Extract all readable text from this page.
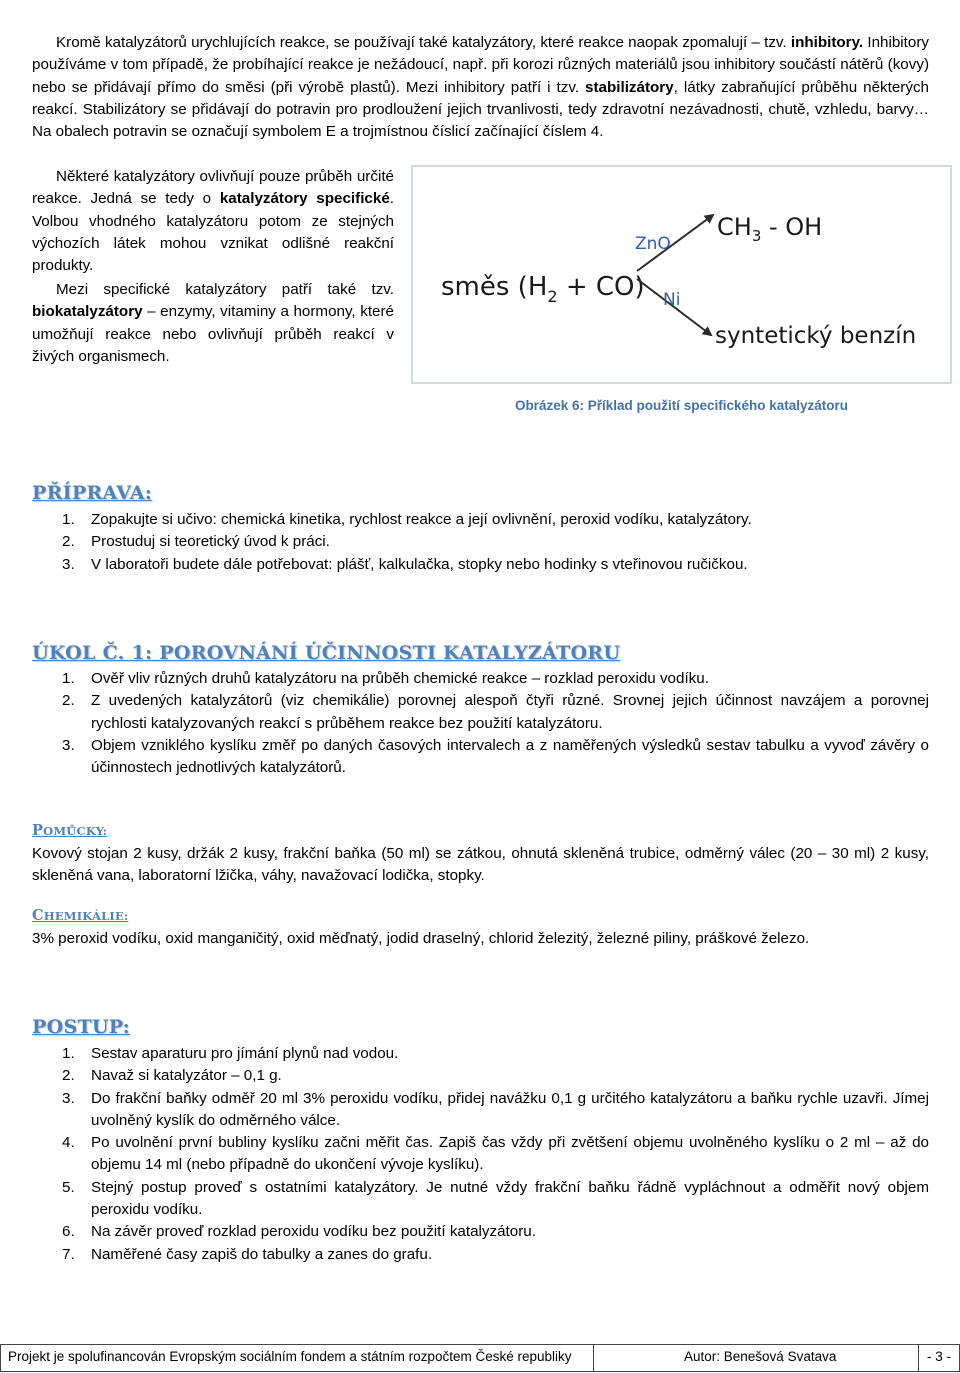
Kromě katalyzátorů urychlujících reakce, se používají také katalyzátory, které reakce naopak zpomalují – tzv. inhibitory. Inhibitory používáme v tom případě, že probíhající reakce je nežádoucí, např. při korozi různých materiálů jsou inhibitory součástí nátěrů (kovy) nebo se přidávají přímo do směsi (při výrobě plastů). Mezi inhibitory patří i tzv. stabilizátory, látky zabraňující průběhu některých reakcí. Stabilizátory se přidávají do potravin pro prodloužení jejich trvanlivosti, tedy zdravotní nezávadnosti, chutě, vzhledu, barvy… Na obalech potravin se označují symbolem E a trojmístnou číslicí začínající číslem 4.
Některé katalyzátory ovlivňují pouze průběh určité reakce. Jedná se tedy o katalyzátory specifické. Volbou vhodného katalyzátoru potom ze stejných výchozích látek mohou vznikat odlišné reakční produkty.
Mezi specifické katalyzátory patří také tzv. biokatalyzátory – enzymy, vitaminy a hormony, které umožňují reakce nebo ovlivňují průběh reakcí v živých organismech.
směs $(H_2 + CO)$
ZnO
Ni
$CH_3$ - OH
syntetický benzín
Obrázek 6: Příklad použití specifického katalyzátoru
PŘÍPRAVA:
1. Zopakujte si učivo: chemická kinetika, rychlost reakce a její ovlivnění, peroxid vodíku, katalyzátory.
2. Prostuduj si teoretický úvod k práci.
3. V laboratoři budete dále potřebovat: plášť, kalkulačka, stopky nebo hodinky s vteřinovou ručičkou.
ÚKOL Č. 1: POROVNÁNÍ ÚČINNOSTI KATALYZÁTORU
1. Ověř vliv různých druhů katalyzátoru na průběh chemické reakce – rozklad peroxidu vodíku.
2. Z uvedených katalyzátorů (viz chemikálie) porovnej alespoň čtyři různé. Srovnej jejich účinnost navzájem a porovnej rychlosti katalyzovaných reakcí s průběhem reakce bez použití katalyzátoru.
3. Objem vzniklého kyslíku změř po daných časových intervalech a z naměřených výsledků sestav tabulku a vyvoď závěry o účinnostech jednotlivých katalyzátorů.
POMŮCKY:
Kovový stojan 2 kusy, držák 2 kusy, frakční baňka (50 ml) se zátkou, ohnutá skleněná trubice, odměrný válec (20 – 30 ml) 2 kusy, skleněná vana, laboratorní lžička, váhy, navažovací lodička, stopky.
CHEMIKÁLIE:
3% peroxid vodíku, oxid manganičitý, oxid měďnatý, jodid draselný, chlorid železitý, železné piliny, práškové železo.
POSTUP:
1. Sestav aparaturu pro jímání plynů nad vodou.
2. Navaž si katalyzátor – 0,1 g.
3. Do frakční baňky odměř 20 ml 3% peroxidu vodíku, přidej navážku 0,1 g určitého katalyzátoru a baňku rychle uzavři. Jímej uvolněný kyslík do odměrného válce.
4. Po uvolnění první bubliny kyslíku začni měřit čas. Zapiš čas vždy při zvětšení objemu uvolněného kyslíku o 2 ml – až do objemu 14 ml (nebo případně do ukončení vývoje kyslíku).
5. Stejný postup proveď s ostatními katalyzátory. Je nutné vždy frakční baňku řádně vypláchnout a odměřit nový objem peroxidu vodíku.
6. Na závěr proveď rozklad peroxidu vodíku bez použití katalyzátoru.
7. Naměřené časy zapiš do tabulky a zanes do grafu.
Projekt je spolufinancován Evropským sociálním fondem a státním rozpočtem České republiky	Autor: Benešová Svatava	- 3 -
